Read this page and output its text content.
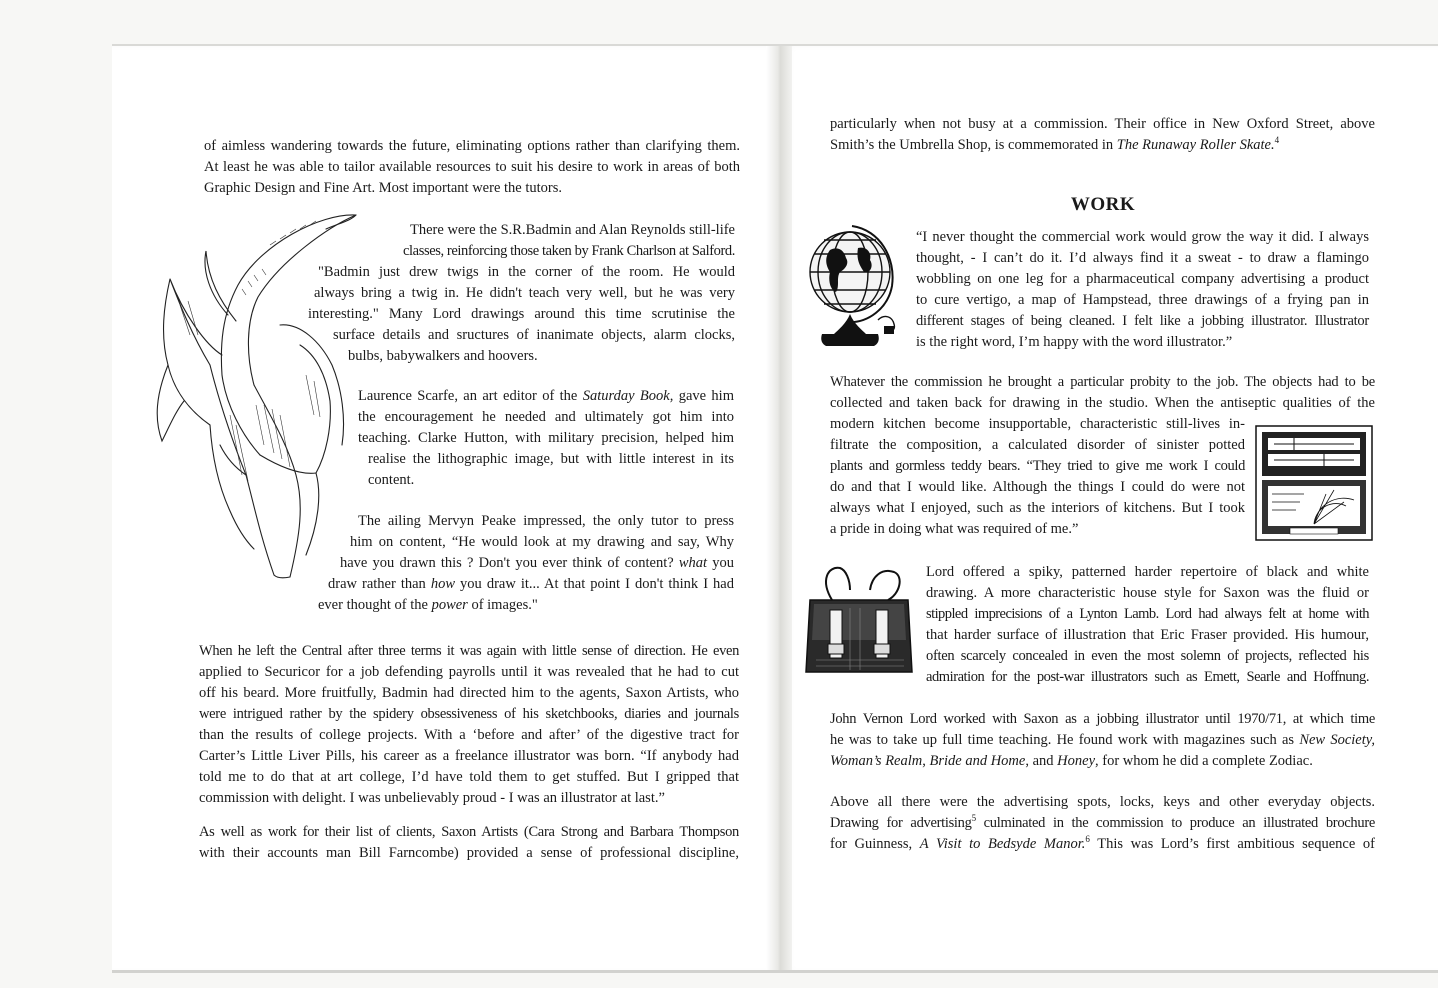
of aimless wandering towards the future, eliminating options rather than clarifying them.
At least he was able to tailor available resources to suit his desire to work in areas of both
Graphic Design and Fine Art. Most important were the tutors.
There were the S.R.Badmin and Alan Reynolds still-life
classes, reinforcing those taken by Frank Charlson at Salford.
"Badmin just drew twigs in the corner of the room. He would
always bring a twig in. He didn't teach very well, but he was very
interesting." Many Lord drawings around this time scrutinise the
surface details and sructures of inanimate objects, alarm clocks,
bulbs, babywalkers and hoovers.
Laurence Scarfe, an art editor of the Saturday Book, gave him
the encouragement he needed and ultimately got him into
teaching. Clarke Hutton, with military precision, helped him
realise the lithographic image, but with little interest in its
content.
The ailing Mervyn Peake impressed, the only tutor to press
him on content, “He would look at my drawing and say, Why
have you drawn this ? Don't you ever think of content? what you
draw rather than how you draw it... At that point I don't think I had
ever thought of the power of images."
When he left the Central after three terms it was again with little sense of direction. He even
applied to Securicor for a job defending payrolls until it was revealed that he had to cut
off his beard. More fruitfully, Badmin had directed him to the agents, Saxon Artists, who
were intrigued rather by the spidery obsessiveness of his sketchbooks, diaries and journals
than the results of college projects. With a ‘before and after’ of the digestive tract for
Carter’s Little Liver Pills, his career as a freelance illustrator was born. “If anybody had
told me to do that at art college, I’d have told them to get stuffed. But I gripped that
commission with delight. I was unbelievably proud - I was an illustrator at last.”
As well as work for their list of clients, Saxon Artists (Cara Strong and Barbara Thompson
with their accounts man Bill Farncombe) provided a sense of professional discipline,
particularly when not busy at a commission. Their office in New Oxford Street, above
Smith’s the Umbrella Shop, is commemorated in The Runaway Roller Skate.$^4$
WORK
“I never thought the commercial work would grow the way it did. I always
thought, - I can’t do it. I’d always find it a sweat - to draw a flamingo
wobbling on one leg for a pharmaceutical company advertising a product
to cure vertigo, a map of Hampstead, three drawings of a frying pan in
different stages of being cleaned. I felt like a jobbing illustrator. Illustrator
is the right word, I’m happy with the word illustrator.”
Whatever the commission he brought a particular probity to the job. The objects had to be
collected and taken back for drawing in the studio. When the antiseptic qualities of the
modern kitchen become insupportable, characteristic still-lives in-
filtrate the composition, a calculated disorder of sinister potted
plants and gormless teddy bears. “They tried to give me work I could
do and that I would like. Although the things I could do were not
always what I enjoyed, such as the interiors of kitchens. But I took
a pride in doing what was required of me.”
Lord offered a spiky, patterned harder repertoire of black and white
drawing. A more characteristic house style for Saxon was the fluid or
stippled imprecisions of a Lynton Lamb. Lord had always felt at home with
that harder surface of illustration that Eric Fraser provided. His humour,
often scarcely concealed in even the most solemn of projects, reflected his
admiration for the post-war illustrators such as Emett, Searle and Hoffnung.
John Vernon Lord worked with Saxon as a jobbing illustrator until 1970/71, at which time
he was to take up full time teaching. He found work with magazines such as New Society,
Woman’s Realm, Bride and Home, and Honey, for whom he did a complete Zodiac.
Above all there were the advertising spots, locks, keys and other everyday objects.
Drawing for advertising$^5$ culminated in the commission to produce an illustrated brochure
for Guinness, A Visit to Bedsyde Manor.$^6$ This was Lord’s first ambitious sequence of
